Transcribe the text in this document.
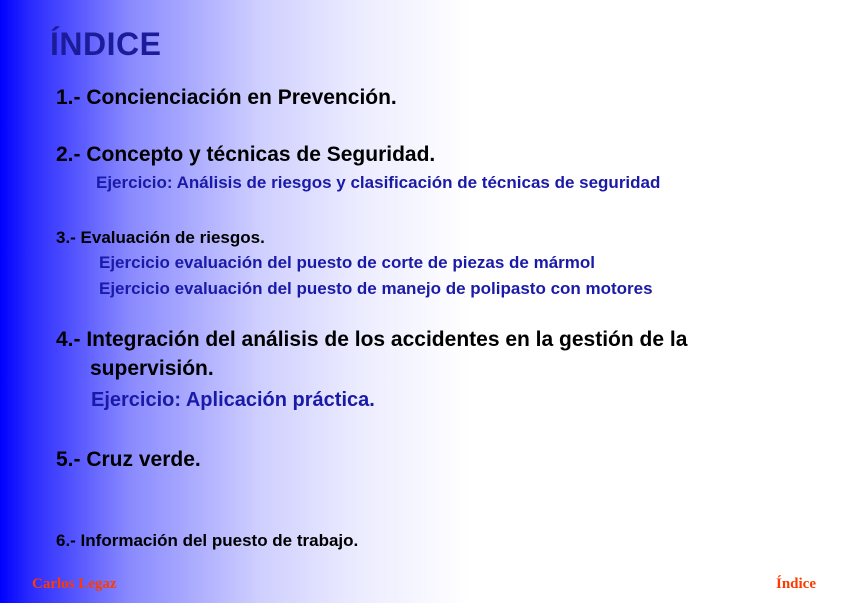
ÍNDICE

1.- Concienciación en Prevención.

2.- Concepto y técnicas de Seguridad.

Ejercicio: Análisis de riesgos y clasificación de técnicas de seguridad

3.- Evaluación de riesgos.

Ejercicio evaluación del puesto de corte de piezas de mármol

Ejercicio evaluación del puesto de manejo de polipasto con motores

4.- Integración del análisis de los accidentes en la gestión de la

supervisión.

Ejercicio: Aplicación práctica.

5.- Cruz verde.

6.- Información del puesto de trabajo.

Carlos Legaz	Índice
